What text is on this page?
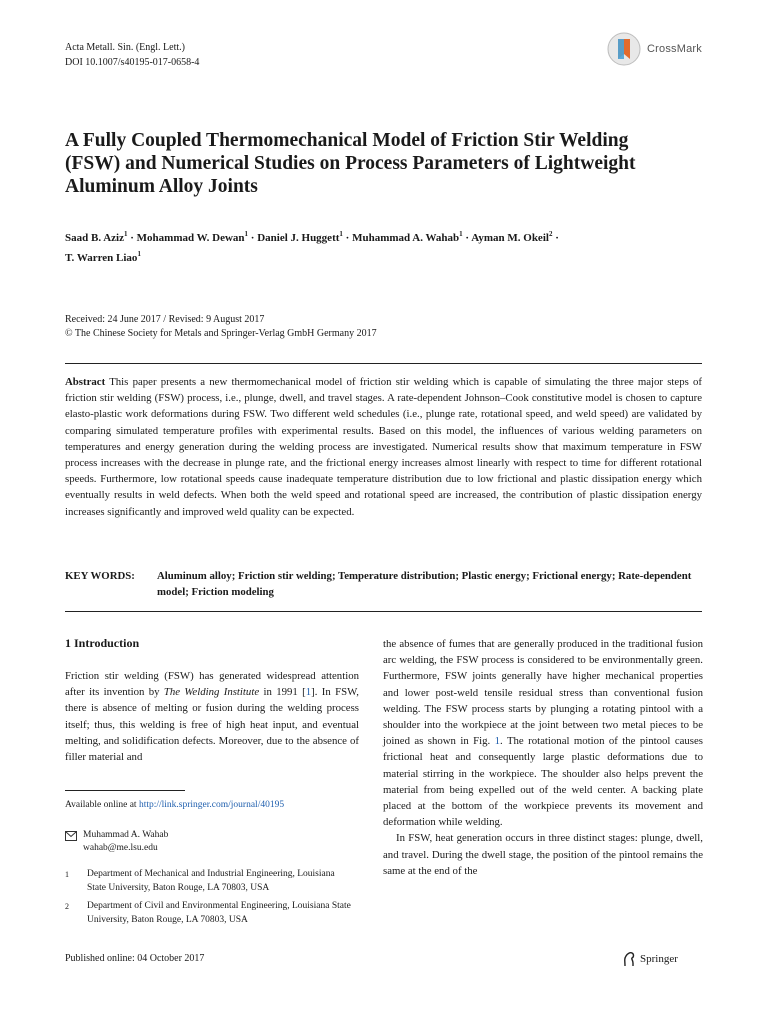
Acta Metall. Sin. (Engl. Lett.)
DOI 10.1007/s40195-017-0658-4
CrossMark
A Fully Coupled Thermomechanical Model of Friction Stir Welding (FSW) and Numerical Studies on Process Parameters of Lightweight Aluminum Alloy Joints
Saad B. Aziz$^1$ · Mohammad W. Dewan$^1$ · Daniel J. Huggett$^1$ · Muhammad A. Wahab$^1$ · Ayman M. Okeil$^2$ ·
T. Warren Liao$^1$
Received: 24 June 2017 / Revised: 9 August 2017
© The Chinese Society for Metals and Springer-Verlag GmbH Germany 2017
Abstract This paper presents a new thermomechanical model of friction stir welding which is capable of simulating the three major steps of friction stir welding (FSW) process, i.e., plunge, dwell, and travel stages. A rate-dependent Johnson–Cook constitutive model is chosen to capture elasto-plastic work deformations during FSW. Two different weld schedules (i.e., plunge rate, rotational speed, and weld speed) are validated by comparing simulated temperature profiles with experimental results. Based on this model, the influences of various welding parameters on temperatures and energy generation during the welding process are investigated. Numerical results show that maximum temperature in FSW process increases with the decrease in plunge rate, and the frictional energy increases almost linearly with respect to time for different rotational speeds. Furthermore, low rotational speeds cause inadequate temperature distribution due to low frictional and plastic dissipation energy which eventually results in weld defects. When both the weld speed and rotational speed are increased, the contribution of plastic dissipation energy increases significantly and improved weld quality can be expected.
KEY WORDS:	Aluminum alloy; Friction stir welding; Temperature distribution; Plastic energy; Frictional energy; Rate-dependent model; Friction modeling
1 Introduction
Friction stir welding (FSW) has generated widespread attention after its invention by The Welding Institute in 1991 [1]. In FSW, there is absence of melting or fusion during the welding process itself; thus, this welding is free of high heat input, and eventual melting, and solidification defects. Moreover, due to the absence of filler material and
Available online at http://link.springer.com/journal/40195
Muhammad A. Wahab
wahab@me.lsu.edu
1	Department of Mechanical and Industrial Engineering, Louisiana State University, Baton Rouge, LA 70803, USA
2	Department of Civil and Environmental Engineering, Louisiana State University, Baton Rouge, LA 70803, USA

the absence of fumes that are generally produced in the traditional fusion arc welding, the FSW process is considered to be environmentally green. Furthermore, FSW joints generally have higher mechanical properties and lower post-weld tensile residual stress than conventional fusion welding. The FSW process starts by plunging a rotating pintool with a shoulder into the workpiece at the joint between two metal pieces to be joined as shown in Fig. 1. The rotational motion of the pintool causes frictional heat and consequently large plastic deformations due to material stirring in the workpiece. The shoulder also helps prevent the material from being expelled out of the weld center. A backing plate placed at the bottom of the workpiece prevents its movement and deformation while welding.

In FSW, heat generation occurs in three distinct stages: plunge, dwell, and travel. During the dwell stage, the position of the pintool remains the same at the end of the

Published online: 04 October 2017	Springer
